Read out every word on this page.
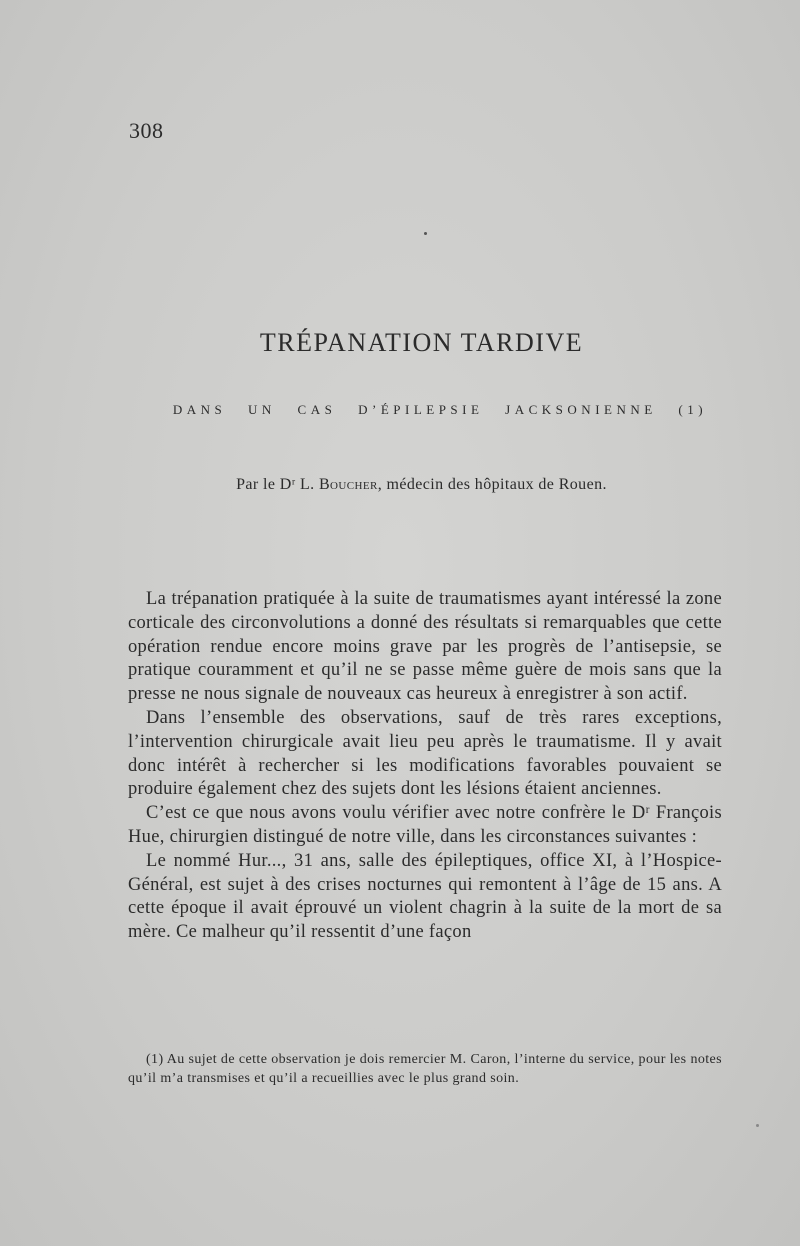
308
TRÉPANATION TARDIVE
DANS UN CAS D’ÉPILEPSIE JACKSONIENNE (1)
Par le Dʳ L. Boucher, médecin des hôpitaux de Rouen.

La trépanation pratiquée à la suite de traumatismes ayant intéressé la zone corticale des circonvolutions a donné des résultats si remarquables que cette opération rendue encore moins grave par les progrès de l’antisepsie, se pratique couramment et qu’il ne se passe même guère de mois sans que la presse ne nous signale de nouveaux cas heureux à enregistrer à son actif.

Dans l’ensemble des observations, sauf de très rares exceptions, l’intervention chirurgicale avait lieu peu après le traumatisme. Il y avait donc intérêt à rechercher si les modifications favorables pouvaient se produire également chez des sujets dont les lésions étaient anciennes.

C’est ce que nous avons voulu vérifier avec notre confrère le Dʳ François Hue, chirurgien distingué de notre ville, dans les circonstances suivantes :

Le nommé Hur..., 31 ans, salle des épileptiques, office XI, à l’Hospice-Général, est sujet à des crises nocturnes qui remontent à l’âge de 15 ans. A cette époque il avait éprouvé un violent chagrin à la suite de la mort de sa mère. Ce malheur qu’il ressentit d’une façon

(1) Au sujet de cette observation je dois remercier M. Caron, l’interne du service, pour les notes qu’il m’a transmises et qu’il a recueillies avec le plus grand soin.
